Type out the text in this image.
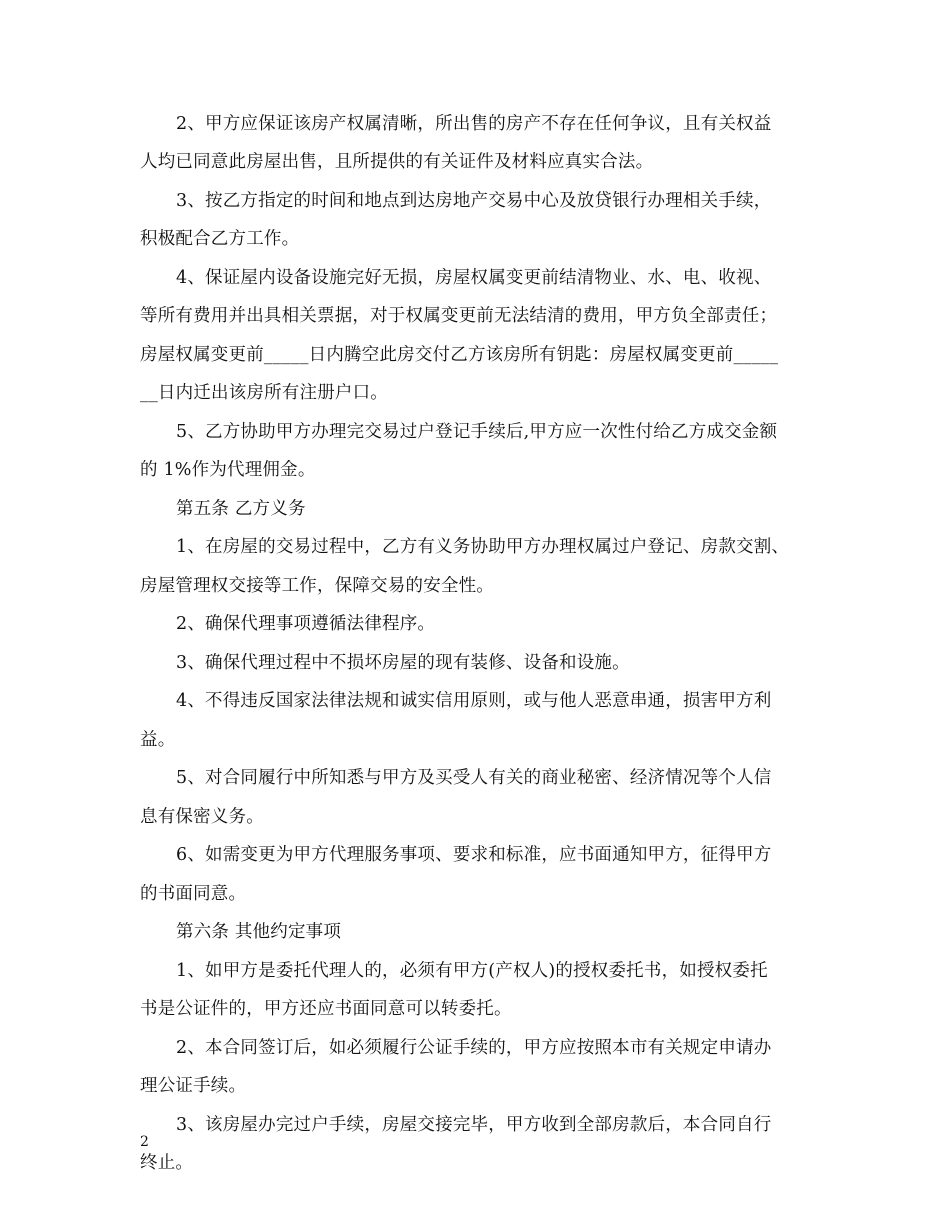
2、甲方应保证该房产权属清晰，所出售的房产不存在任何争议，且有关权益
人均已同意此房屋出售，且所提供的有关证件及材料应真实合法。
3、按乙方指定的时间和地点到达房地产交易中心及放贷银行办理相关手续，
积极配合乙方工作。
4、保证屋内设备设施完好无损，房屋权属变更前结清物业、水、电、收视、
等所有费用并出具相关票据，对于权属变更前无法结清的费用，甲方负全部责任；
房屋权属变更前_____日内腾空此房交付乙方该房所有钥匙：房屋权属变更前_____
__日内迁出该房所有注册户口。
5、乙方协助甲方办理完交易过户登记手续后,甲方应一次性付给乙方成交金额
的 1%作为代理佣金。
第五条 乙方义务
1、在房屋的交易过程中，乙方有义务协助甲方办理权属过户登记、房款交割、
房屋管理权交接等工作，保障交易的安全性。
2、确保代理事项遵循法律程序。
3、确保代理过程中不损坏房屋的现有装修、设备和设施。
4、不得违反国家法律法规和诚实信用原则，或与他人恶意串通，损害甲方利
益。
5、对合同履行中所知悉与甲方及买受人有关的商业秘密、经济情况等个人信
息有保密义务。
6、如需变更为甲方代理服务事项、要求和标准，应书面通知甲方，征得甲方
的书面同意。
第六条 其他约定事项
1、如甲方是委托代理人的，必须有甲方(产权人)的授权委托书，如授权委托
书是公证件的，甲方还应书面同意可以转委托。
2、本合同签订后，如必须履行公证手续的，甲方应按照本市有关规定申请办
理公证手续。
3、该房屋办完过户手续，房屋交接完毕，甲方收到全部房款后，本合同自行
终止。
2
